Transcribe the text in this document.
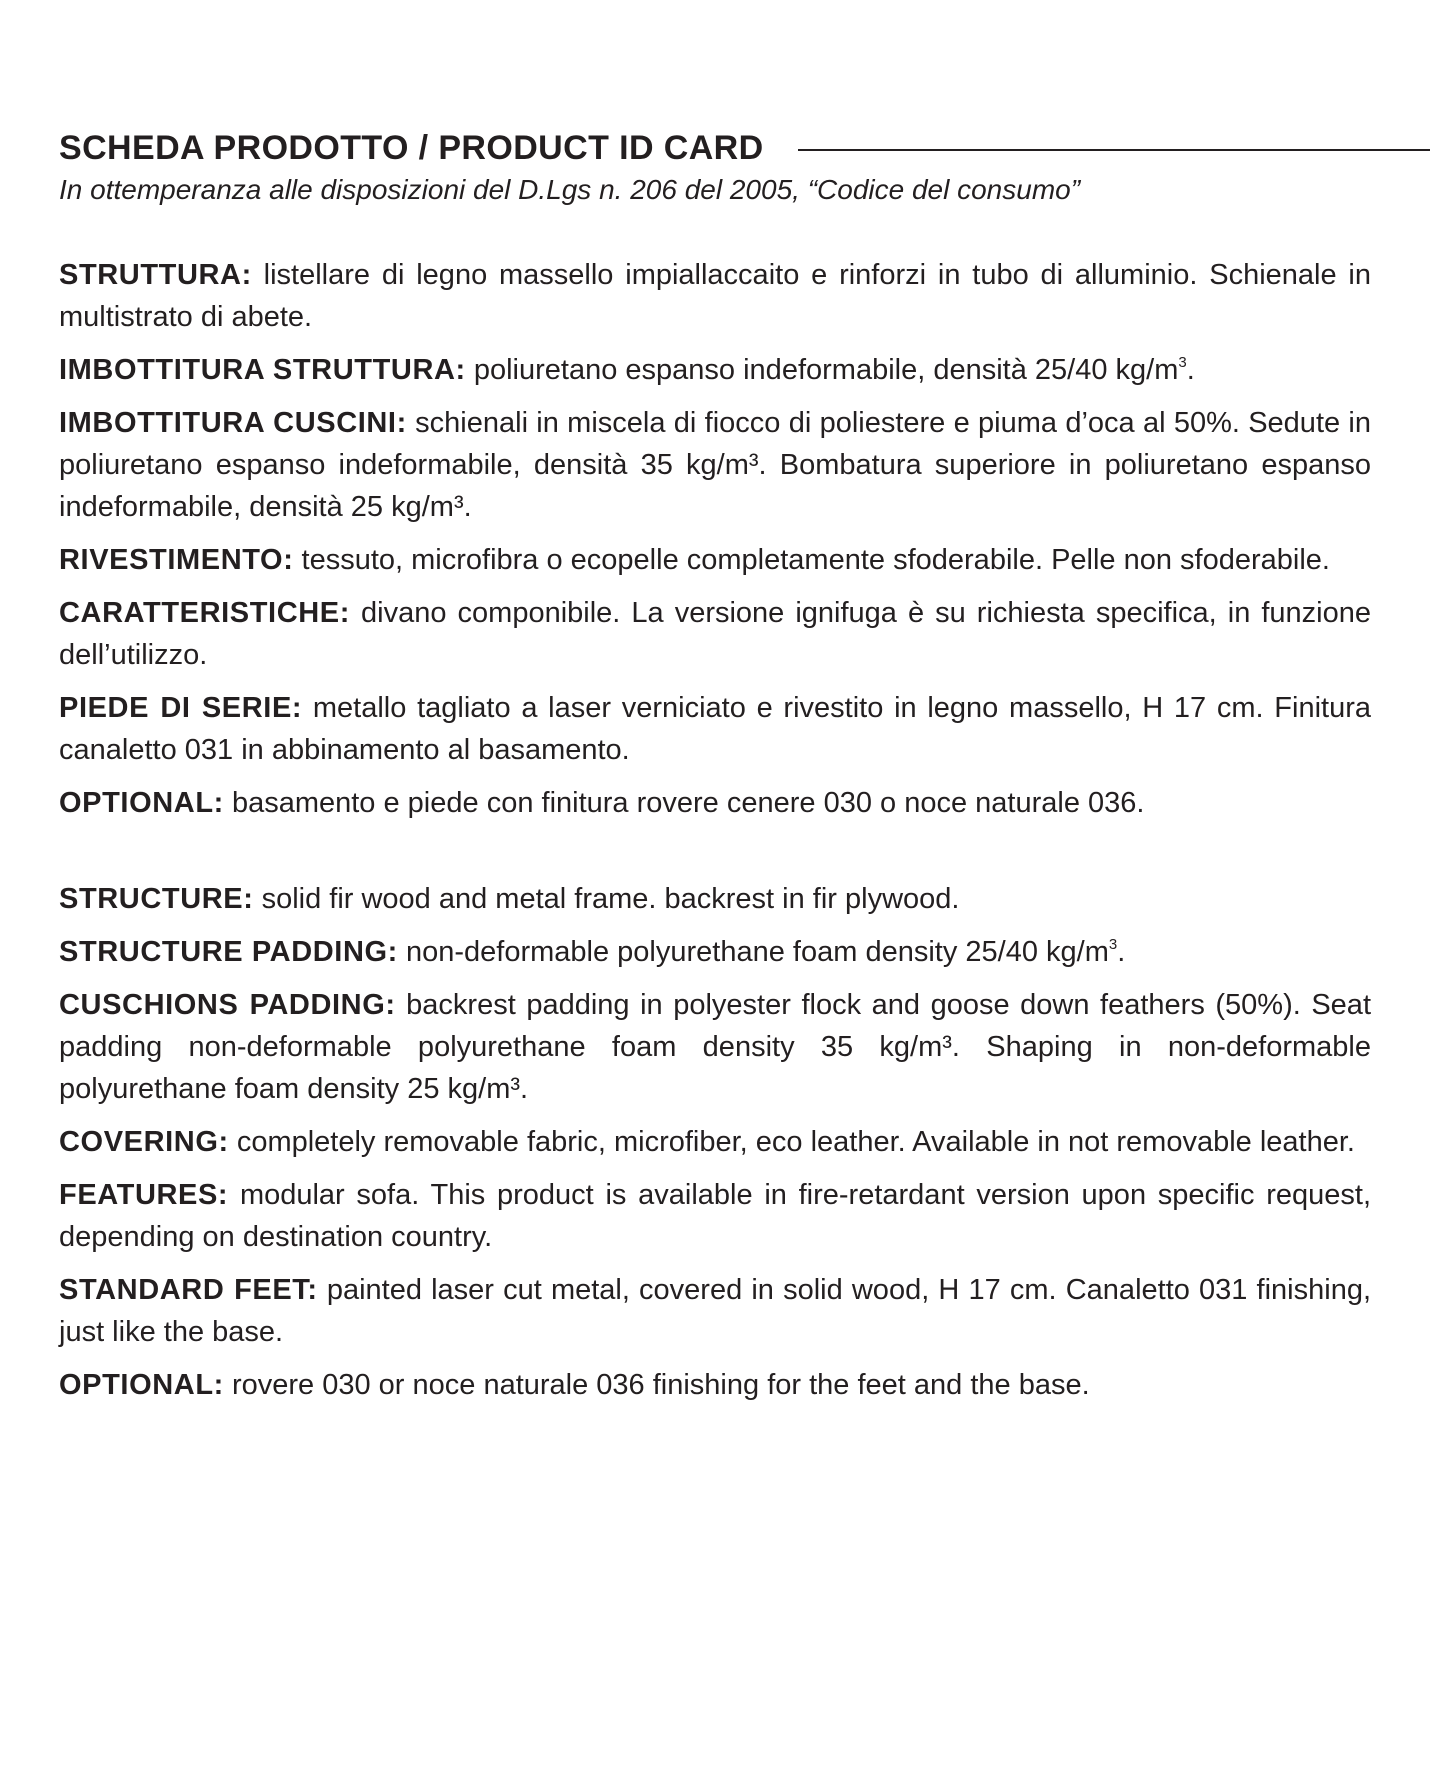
SCHEDA PRODOTTO / PRODUCT ID CARD
In ottemperanza alle disposizioni del D.Lgs n. 206 del 2005, “Codice del consumo”

STRUTTURA: listellare di legno massello impiallaccaito e rinforzi in tubo di alluminio. Schienale in multistrato di abete.

IMBOTTITURA STRUTTURA: poliuretano espanso indeformabile, densità 25/40 $kg/m^3$.

IMBOTTITURA CUSCINI: schienali in miscela di fiocco di poliestere e piuma d’oca al 50%. Sedute in poliuretano espanso indeformabile, densità 35 kg/m³. Bombatura superiore in poliuretano espanso indeformabile, densità 25 kg/m³.

RIVESTIMENTO: tessuto, microfibra o ecopelle completamente sfoderabile. Pelle non sfoderabile.

CARATTERISTICHE: divano componibile. La versione ignifuga è su richiesta specifica, in funzione dell’utilizzo.

PIEDE DI SERIE: metallo tagliato a laser verniciato e rivestito in legno massello, H 17 cm. Finitura canaletto 031 in abbinamento al basamento.

OPTIONAL: basamento e piede con finitura rovere cenere 030 o noce naturale 036.

STRUCTURE: solid fir wood and metal frame. backrest in fir plywood.

STRUCTURE PADDING: non-deformable polyurethane foam density 25/40 $kg/m^3$.

CUSCHIONS PADDING: backrest padding in polyester flock and goose down feathers (50%). Seat padding non-deformable polyurethane foam density 35 kg/m³. Shaping in non-deformable polyurethane foam density 25 kg/m³.

COVERING: completely removable fabric, microfiber, eco leather. Available in not removable leather.

FEATURES: modular sofa. This product is available in fire-retardant version upon specific request, depending on destination country.

STANDARD FEET: painted laser cut metal, covered in solid wood, H 17 cm. Canaletto 031 finishing, just like the base.

OPTIONAL: rovere 030 or noce naturale 036 finishing for the feet and the base.
